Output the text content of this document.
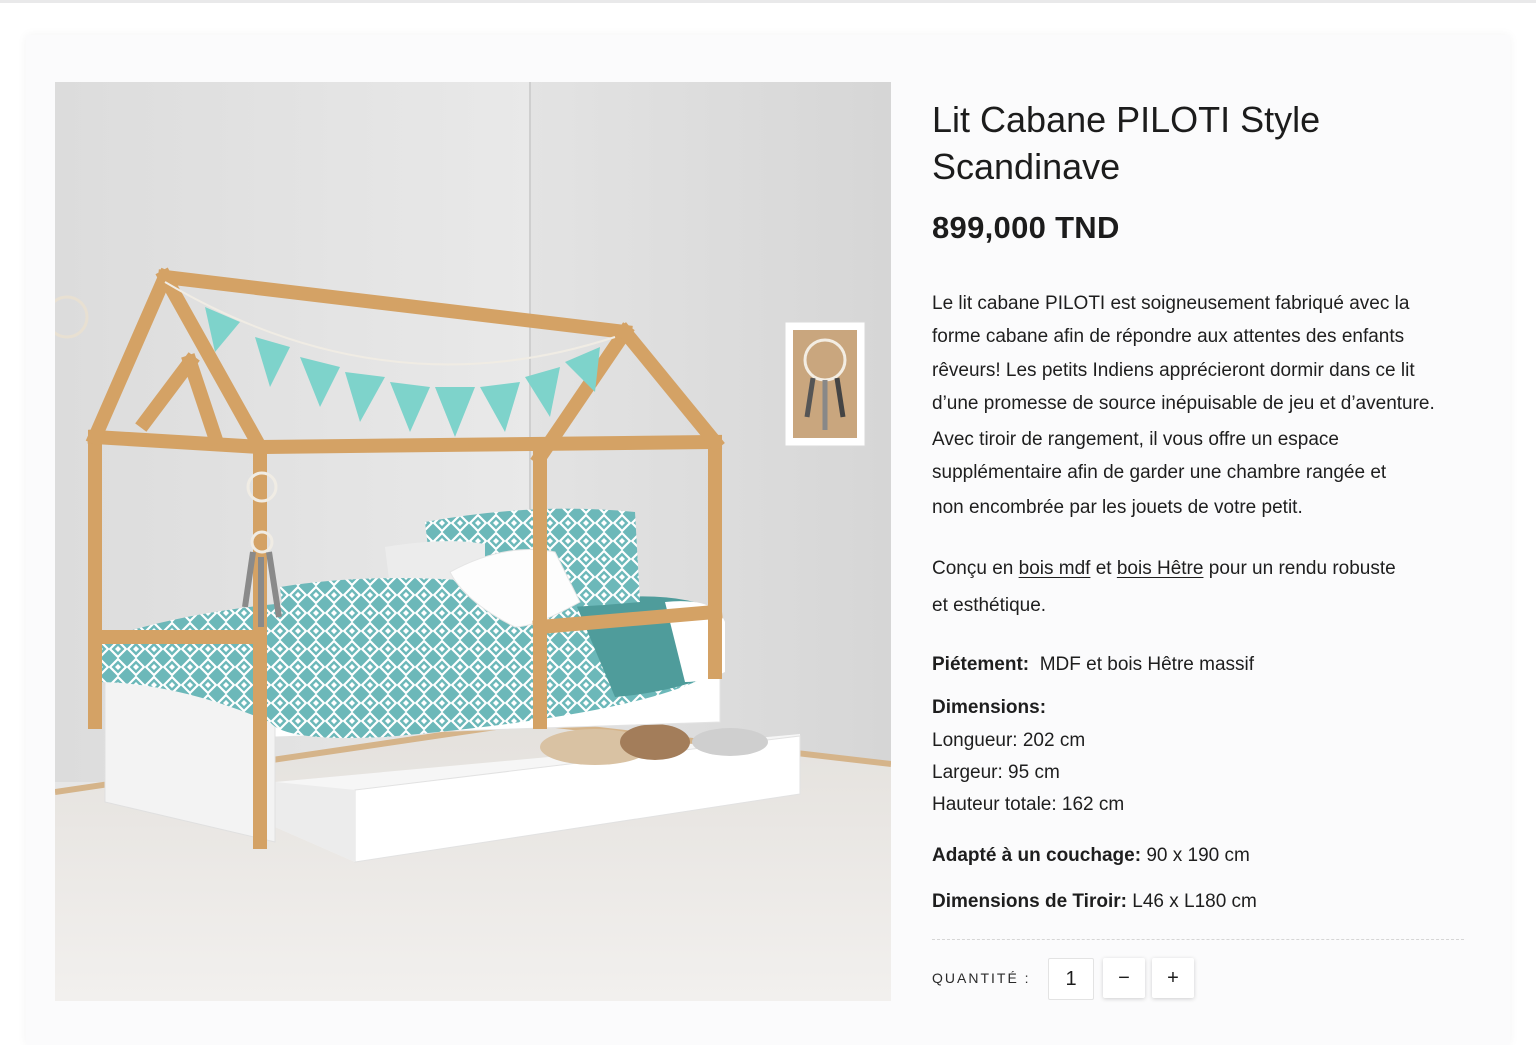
Lit Cabane PILOTI Style Scandinave
899,000 TND
Le lit cabane PILOTI est soigneusement fabriqué avec la
forme cabane afin de répondre aux attentes des enfants
rêveurs! Les petits Indiens apprécieront dormir dans ce lit
d’une promesse de source inépuisable de jeu et d’aventure.
Avec tiroir de rangement, il vous offre un espace
supplémentaire afin de garder une chambre rangée et
non encombrée par les jouets de votre petit.
Conçu en bois mdf et bois Hêtre pour un rendu robuste
et esthétique.
Piétement: MDF et bois Hêtre massif
Dimensions:
Longueur: 202 cm
Largeur: 95 cm
Hauteur totale: 162 cm
Adapté à un couchage: 90 x 190 cm
Dimensions de Tiroir: L46 x L180 cm
QUANTITÉ :	1	−	+
